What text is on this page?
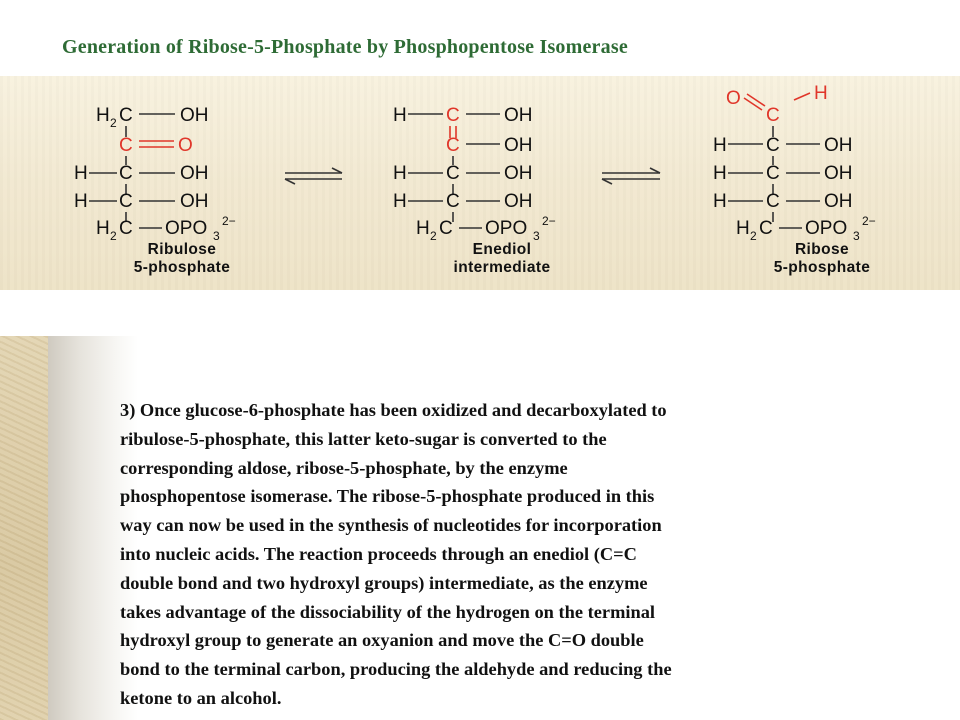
Generation of Ribose-5-Phosphate by Phosphopentose Isomerase
H 2 C OH
C O
H C OH
H C OH
H 2 C OPO 3
2−
Ribulose
5-phosphate
H C OH
C OH
H C OH
H C OH
H 2 C OPO 3
2−
Enediol
intermediate
O	H
C
H C OH
H C OH
H C OH
H 2 C OPO 3
2−
Ribose
5-phosphate

3) Once glucose-6-phosphate has been oxidized and decarboxylated to
ribulose-5-phosphate, this latter keto-sugar is converted to the
corresponding aldose, ribose-5-phosphate, by the enzyme
phosphopentose isomerase. The ribose-5-phosphate produced in this
way can now be used in the synthesis of nucleotides for incorporation
into nucleic acids. The reaction proceeds through an enediol (C=C
double bond and two hydroxyl groups) intermediate, as the enzyme
takes advantage of the dissociability of the hydrogen on the terminal
hydroxyl group to generate an oxyanion and move the C=O double
bond to the terminal carbon, producing the aldehyde and reducing the
ketone to an alcohol.
